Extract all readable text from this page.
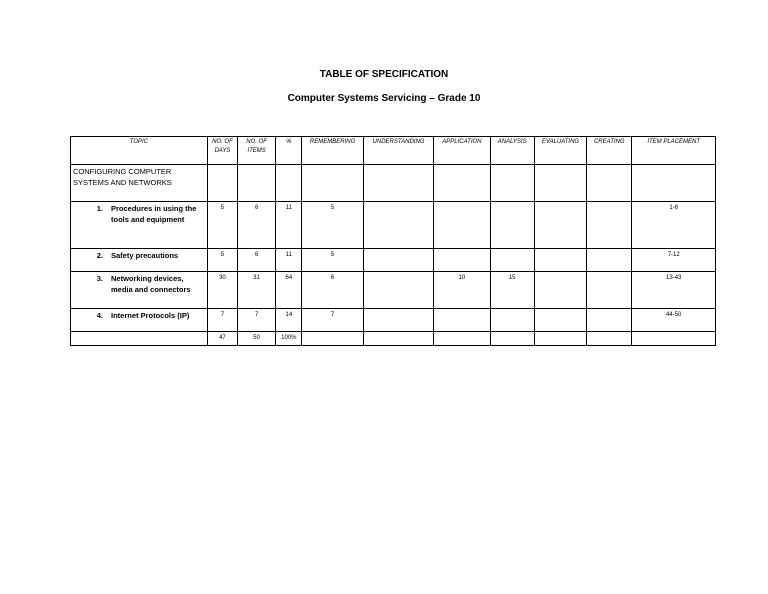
TABLE OF SPECIFICATION
Computer Systems Servicing – Grade 10
TOPIC	NO. OF DAYS	NO. OF ITEMS	%	REMEMBERING	UNDERSTANDING	APPLICATION	ANALYSIS	EVALUATING	CREATING	ITEM PLACEMENT
CONFIGURING COMPUTER SYSTEMS AND NETWORKS										

1. Procedures in using the tools and equipment	5	6	11	5						1-6

2. Safety precautions	5	6	11	5						7-12

3. Networking devices, media and connectors	30	31	64	6		10	15			13-43

4. Internet Protocols (IP)	7	7	14	7						44-50
	47	50	100%							
